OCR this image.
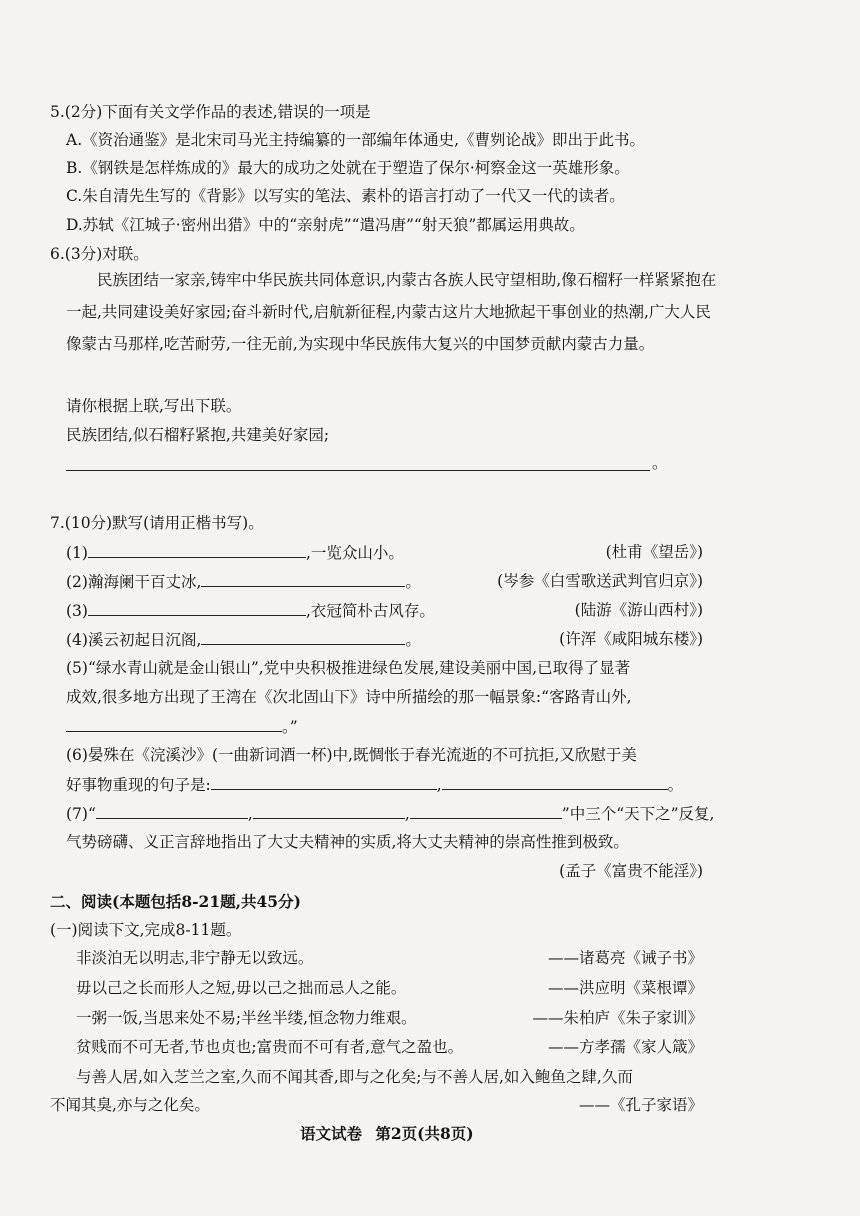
5.(2分)下面有关文学作品的表述,错误的一项是
A.《资治通鉴》是北宋司马光主持编纂的一部编年体通史,《曹刿论战》即出于此书。
B.《钢铁是怎样炼成的》最大的成功之处就在于塑造了保尔·柯察金这一英雄形象。
C.朱自清先生写的《背影》以写实的笔法、素朴的语言打动了一代又一代的读者。
D.苏轼《江城子·密州出猎》中的“亲射虎”“遣冯唐”“射天狼”都属运用典故。
6.(3分)对联。
民族团结一家亲,铸牢中华民族共同体意识,内蒙古各族人民守望相助,像石榴籽一样紧紧抱在一起,共同建设美好家园;奋斗新时代,启航新征程,内蒙古这片大地掀起干事创业的热潮,广大人民像蒙古马那样,吃苦耐劳,一往无前,为实现中华民族伟大复兴的中国梦贡献内蒙古力量。
请你根据上联,写出下联。
民族团结,似石榴籽紧抱,共建美好家园;
。
7.(10分)默写(请用正楷书写)。
(1)	,一览众山小。	(杜甫《望岳》)
(2)瀚海阑干百丈冰,	。	(岑参《白雪歌送武判官归京》)
(3)	,衣冠简朴古风存。	(陆游《游山西村》)
(4)溪云初起日沉阁,	。	(许浑《咸阳城东楼》)
(5)“绿水青山就是金山银山”,党中央积极推进绿色发展,建设美丽中国,已取得了显著
成效,很多地方出现了王湾在《次北固山下》诗中所描绘的那一幅景象:“客路青山外,
。”
(6)晏殊在《浣溪沙》(一曲新词酒一杯)中,既惆怅于春光流逝的不可抗拒,又欣慰于美
好事物重现的句子是:	,	。
(7)“	,	,	”中三个“天下之”反复,
气势磅礴、义正言辞地指出了大丈夫精神的实质,将大丈夫精神的崇高性推到极致。
(孟子《富贵不能淫》)
二、阅读(本题包括8-21题,共45分)
(一)阅读下文,完成8-11题。
非淡泊无以明志,非宁静无以致远。	——诸葛亮《诫子书》
毋以己之长而形人之短,毋以己之拙而忌人之能。	——洪应明《菜根谭》
一粥一饭,当思来处不易;半丝半缕,恒念物力维艰。	——朱柏庐《朱子家训》
贫贱而不可无者,节也贞也;富贵而不可有者,意气之盈也。	——方孝孺《家人箴》
与善人居,如入芝兰之室,久而不闻其香,即与之化矣;与不善人居,如入鲍鱼之肆,久而
不闻其臭,亦与之化矣。	——《孔子家语》
语文试卷 第2页(共8页)
